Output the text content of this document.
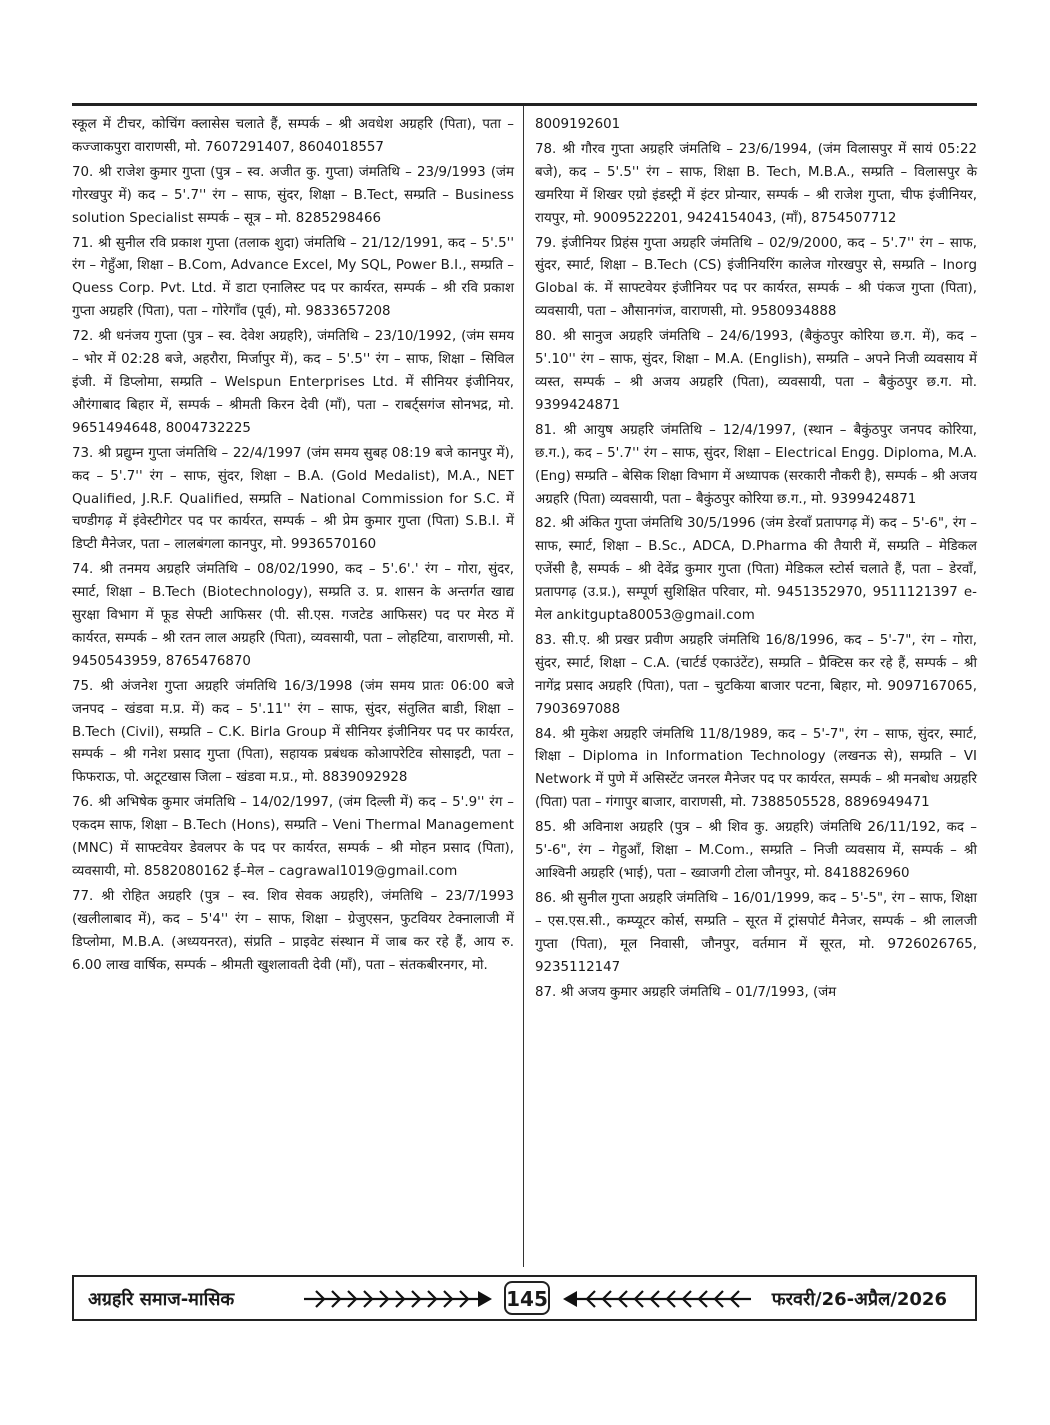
स्कूल में टीचर, कोचिंग क्लासेस चलाते हैं, सम्पर्क – श्री अवधेश अग्रहरि (पिता), पता – कज्जाकपुरा वाराणसी, मो. 7607291407, 8604018557

70. श्री राजेश कुमार गुप्ता (पुत्र – स्व. अजीत कु. गुप्ता) जंमतिथि – 23/9/1993 (जंम गोरखपुर में) कद – 5'.7'' रंग – साफ, सुंदर, शिक्षा – B.Tect, सम्प्रति – Business solution Specialist सम्पर्क – सूत्र – मो. 8285298466

71. श्री सुनील रवि प्रकाश गुप्ता (तलाक शुदा) जंमतिथि – 21/12/1991, कद – 5'.5'' रंग – गेहुँआ, शिक्षा – B.Com, Advance Excel, My SQL, Power B.I., सम्प्रति – Quess Corp. Pvt. Ltd. में डाटा एनालिस्ट पद पर कार्यरत, सम्पर्क – श्री रवि प्रकाश गुप्ता अग्रहरि (पिता), पता – गोरेगाँव (पूर्व), मो. 9833657208

72. श्री धनंजय गुप्ता (पुत्र – स्व. देवेश अग्रहरि), जंमतिथि – 23/10/1992, (जंम समय – भोर में 02:28 बजे, अहरौरा, मिर्जापुर में), कद – 5'.5'' रंग – साफ, शिक्षा – सिविल इंजी. में डिप्लोमा, सम्प्रति – Welspun Enterprises Ltd. में सीनियर इंजीनियर, औरंगाबाद बिहार में, सम्पर्क – श्रीमती किरन देवी (माँ), पता – राबर्ट्सगंज सोनभद्र, मो. 9651494648, 8004732225

73. श्री प्रद्युम्न गुप्ता जंमतिथि – 22/4/1997 (जंम समय सुबह 08:19 बजे कानपुर में), कद – 5'.7'' रंग – साफ, सुंदर, शिक्षा – B.A. (Gold Medalist), M.A., NET Qualified, J.R.F. Qualified, सम्प्रति – National Commission for S.C. में चण्डीगढ़ में इंवेस्टीगेटर पद पर कार्यरत, सम्पर्क – श्री प्रेम कुमार गुप्ता (पिता) S.B.I. में डिप्टी मैनेजर, पता – लालबंगला कानपुर, मो. 9936570160

74. श्री तनमय अग्रहरि जंमतिथि – 08/02/1990, कद – 5'.6'.' रंग – गोरा, सुंदर, स्मार्ट, शिक्षा – B.Tech (Biotechnology), सम्प्रति उ. प्र. शासन के अन्तर्गत खाद्य सुरक्षा विभाग में फूड सेफ्टी आफिसर (पी. सी.एस. गजटेड आफिसर) पद पर मेरठ में कार्यरत, सम्पर्क – श्री रतन लाल अग्रहरि (पिता), व्यवसायी, पता – लोहटिया, वाराणसी, मो. 9450543959, 8765476870

75. श्री अंजनेश गुप्ता अग्रहरि जंमतिथि 16/3/1998 (जंम समय प्रातः 06:00 बजे जनपद – खंडवा म.प्र. में) कद – 5'.11'' रंग – साफ, सुंदर, संतुलित बाडी, शिक्षा – B.Tech (Civil), सम्प्रति – C.K. Birla Group में सीनियर इंजीनियर पद पर कार्यरत, सम्पर्क – श्री गनेश प्रसाद गुप्ता (पिता), सहायक प्रबंधक कोआपरेटिव सोसाइटी, पता – फिफराऊ, पो. अटूटखास जिला – खंडवा म.प्र., मो. 8839092928

76. श्री अभिषेक कुमार जंमतिथि – 14/02/1997, (जंम दिल्ली में) कद – 5'.9'' रंग – एकदम साफ, शिक्षा – B.Tech (Hons), सम्प्रति – Veni Thermal Management (MNC) में साफ्टवेयर डेवलपर के पद पर कार्यरत, सम्पर्क – श्री मोहन प्रसाद (पिता), व्यवसायी, मो. 8582080162 ई–मेल – cagrawal1019@gmail.com

77. श्री रोहित अग्रहरि (पुत्र – स्व. शिव सेवक अग्रहरि), जंमतिथि – 23/7/1993 (खलीलाबाद में), कद – 5'4'' रंग – साफ, शिक्षा – ग्रेजुएसन, फुटवियर टेक्नालाजी में डिप्लोमा, M.B.A. (अध्ययनरत), संप्रति – प्राइवेट संस्थान में जाब कर रहे हैं, आय रु. 6.00 लाख वार्षिक, सम्पर्क – श्रीमती खुशलावती देवी (माँ), पता – संतकबीरनगर, मो.

8009192601

78. श्री गौरव गुप्ता अग्रहरि जंमतिथि – 23/6/1994, (जंम विलासपुर में सायं 05:22 बजे), कद – 5'.5'' रंग – साफ, शिक्षा B. Tech, M.B.A., सम्प्रति – विलासपुर के खमरिया में शिखर एग्रो इंडस्ट्री में इंटर प्रोन्यार, सम्पर्क – श्री राजेश गुप्ता, चीफ इंजीनियर, रायपुर, मो. 9009522201, 9424154043, (माँ), 8754507712

79. इंजीनियर प्रिहंस गुप्ता अग्रहरि जंमतिथि – 02/9/2000, कद – 5'.7'' रंग – साफ, सुंदर, स्मार्ट, शिक्षा – B.Tech (CS) इंजीनियरिंग कालेज गोरखपुर से, सम्प्रति – Inorg Global कं. में साफ्टवेयर इंजीनियर पद पर कार्यरत, सम्पर्क – श्री पंकज गुप्ता (पिता), व्यवसायी, पता – औसानगंज, वाराणसी, मो. 9580934888

80. श्री सानुज अग्रहरि जंमतिथि – 24/6/1993, (बैकुंठपुर कोरिया छ.ग. में), कद – 5'.10'' रंग – साफ, सुंदर, शिक्षा – M.A. (English), सम्प्रति – अपने निजी व्यवसाय में व्यस्त, सम्पर्क – श्री अजय अग्रहरि (पिता), व्यवसायी, पता – बैकुंठपुर छ.ग. मो. 9399424871

81. श्री आयुष अग्रहरि जंमतिथि – 12/4/1997, (स्थान – बैकुंठपुर जनपद कोरिया, छ.ग.), कद – 5'.7'' रंग – साफ, सुंदर, शिक्षा – Electrical Engg. Diploma, M.A. (Eng) सम्प्रति – बेसिक शिक्षा विभाग में अध्यापक (सरकारी नौकरी है), सम्पर्क – श्री अजय अग्रहरि (पिता) व्यवसायी, पता – बैकुंठपुर कोरिया छ.ग., मो. 9399424871

82. श्री अंकित गुप्ता जंमतिथि 30/5/1996 (जंम डेरवाँ प्रतापगढ़ में) कद – 5'-6", रंग – साफ, स्मार्ट, शिक्षा – B.Sc., ADCA, D.Pharma की तैयारी में, सम्प्रति – मेडिकल एजेंसी है, सम्पर्क – श्री देवेंद्र कुमार गुप्ता (पिता) मेडिकल स्टोर्स चलाते हैं, पता – डेरवाँ, प्रतापगढ़ (उ.प्र.), सम्पूर्ण सुशिक्षित परिवार, मो. 9451352970, 9511121397 e-मेल ankitgupta80053@gmail.com

83. सी.ए. श्री प्रखर प्रवीण अग्रहरि जंमतिथि 16/8/1996, कद – 5'-7", रंग – गोरा, सुंदर, स्मार्ट, शिक्षा – C.A. (चार्टर्ड एकाउंटेंट), सम्प्रति – प्रैक्टिस कर रहे हैं, सम्पर्क – श्री नागेंद्र प्रसाद अग्रहरि (पिता), पता – चुटकिया बाजार पटना, बिहार, मो. 9097167065, 7903697088

84. श्री मुकेश अग्रहरि जंमतिथि 11/8/1989, कद – 5'-7", रंग – साफ, सुंदर, स्मार्ट, शिक्षा – Diploma in Information Technology (लखनऊ से), सम्प्रति – VI Network में पुणे में असिस्टेंट जनरल मैनेजर पद पर कार्यरत, सम्पर्क – श्री मनबोध अग्रहरि (पिता) पता – गंगापुर बाजार, वाराणसी, मो. 7388505528, 8896949471

85. श्री अविनाश अग्रहरि (पुत्र – श्री शिव कु. अग्रहरि) जंमतिथि 26/11/192, कद – 5'-6", रंग – गेहुआँ, शिक्षा – M.Com., सम्प्रति – निजी व्यवसाय में, सम्पर्क – श्री आश्विनी अग्रहरि (भाई), पता – ख्वाजगी टोला जौनपुर, मो. 8418826960

86. श्री सुनील गुप्ता अग्रहरि जंमतिथि – 16/01/1999, कद – 5'-5", रंग – साफ, शिक्षा – एस.एस.सी., कम्प्यूटर कोर्स, सम्प्रति – सूरत में ट्रांसपोर्ट मैनेजर, सम्पर्क – श्री लालजी गुप्ता (पिता), मूल निवासी, जौनपुर, वर्तमान में सूरत, मो. 9726026765, 9235112147

87. श्री अजय कुमार अग्रहरि जंमतिथि – 01/7/1993, (जंम

अग्रहरि समाज-मासिक	145	फरवरी/26-अप्रैल/2026
